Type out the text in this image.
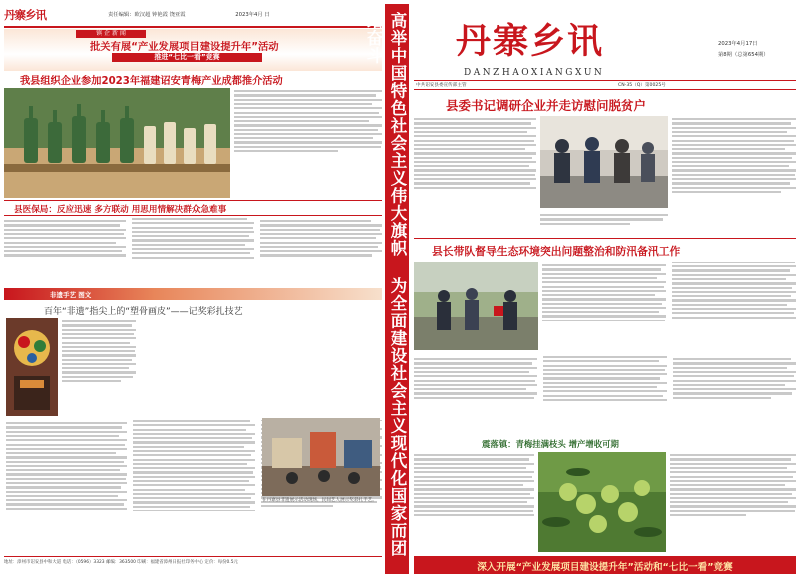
丹寨乡讯	责任编辑：欧汉超 钟艳霞 饶亚霞	2023年4月 日
镇 企 新 闻
批关有展“产业发展项目建设提升年”活动
推进“七比一看”竞赛
我县组织企业参加2023年福建诏安青梅产业成都推介活动
县医保局：反应迅速 多方联动 用思用情解决群众急难事
非遗手艺 图文
百年“非遗”指尖上的“塑骨画皮”——记奖彩扎技艺
在丹寨县非遗展示活动现场，民间艺人展示奖彩扎手艺。
地址：漳州市诏安县中和大道 电话：（0596）3323 邮编：363500 印刷：福建省漳州日报社印务中心 定价：每份0.5元
高举中国特色社会主义伟大旗帜 为全面建设社会主义现代化国家而团结奋斗	丹寨乡讯
DANZHAOXIANGXUN
2023年4月17日
第8期（总第654期）
中共诏安县委宣传部主管	CN-35（Q）第0025号
县委书记调研企业并走访慰问脱贫户
县长带队督导生态环境突出问题整治和防汛备汛工作
震落镇：青梅挂满枝头 增产增收可期
深入开展“产业发展项目建设提升年”活动和“七比一看”竞赛
